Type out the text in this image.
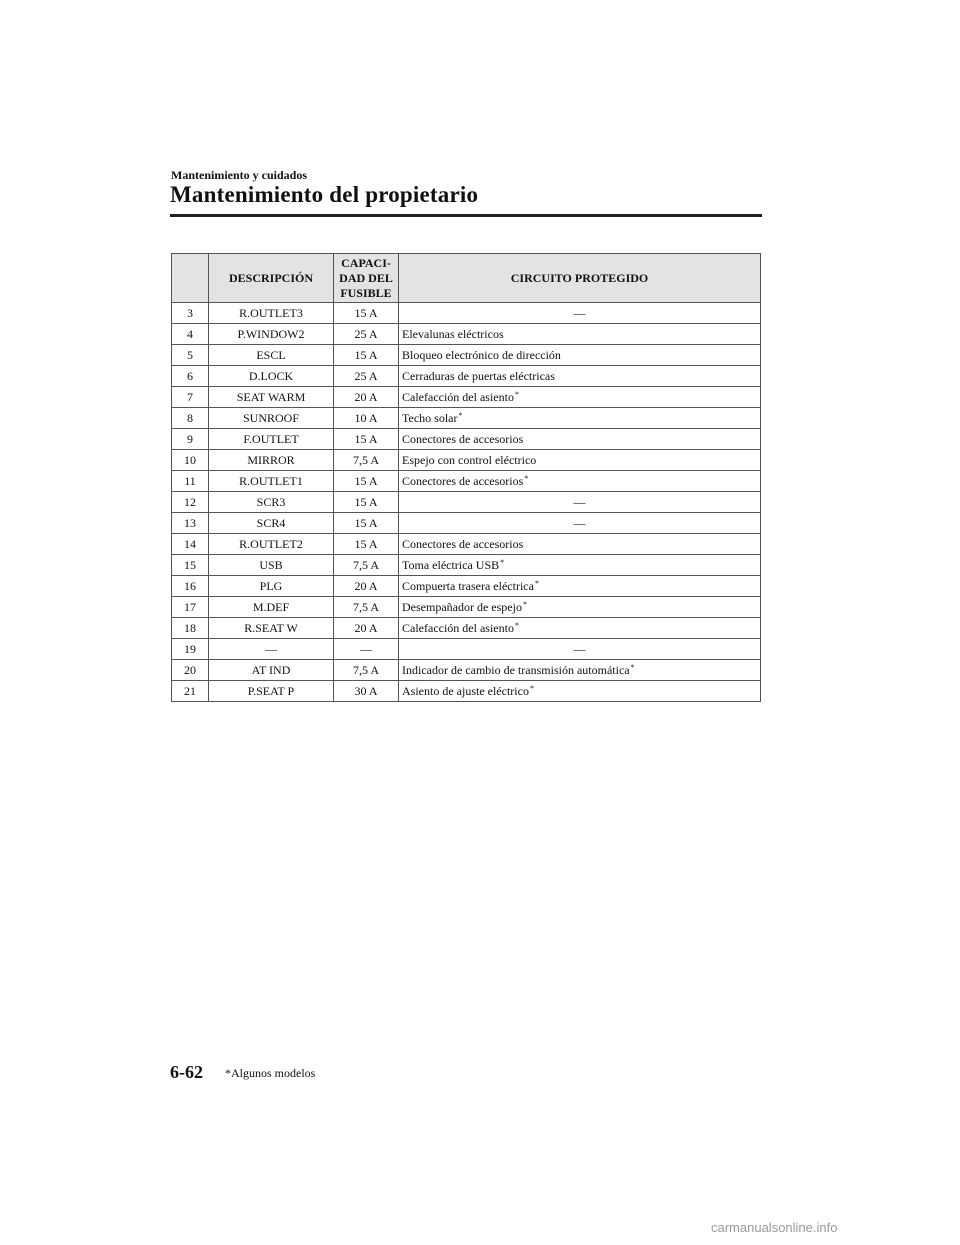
Mantenimiento y cuidados
Mantenimiento del propietario
	DESCRIPCIÓN	CAPACI-
DAD DEL
FUSIBLE	CIRCUITO PROTEGIDO
3	R.OUTLET3	15 A	—
4	P.WINDOW2	25 A	Elevalunas eléctricos
5	ESCL	15 A	Bloqueo electrónico de dirección
6	D.LOCK	25 A	Cerraduras de puertas eléctricas
7	SEAT WARM	20 A	Calefacción del asiento*
8	SUNROOF	10 A	Techo solar*
9	F.OUTLET	15 A	Conectores de accesorios
10	MIRROR	7,5 A	Espejo con control eléctrico
11	R.OUTLET1	15 A	Conectores de accesorios*
12	SCR3	15 A	—
13	SCR4	15 A	—
14	R.OUTLET2	15 A	Conectores de accesorios
15	USB	7,5 A	Toma eléctrica USB*
16	PLG	20 A	Compuerta trasera eléctrica*
17	M.DEF	7,5 A	Desempañador de espejo*
18	R.SEAT W	20 A	Calefacción del asiento*
19	—	—	—
20	AT IND	7,5 A	Indicador de cambio de transmisión automática*
21	P.SEAT P	30 A	Asiento de ajuste eléctrico*
6-62 *Algunos modelos
carmanualsonline.info
